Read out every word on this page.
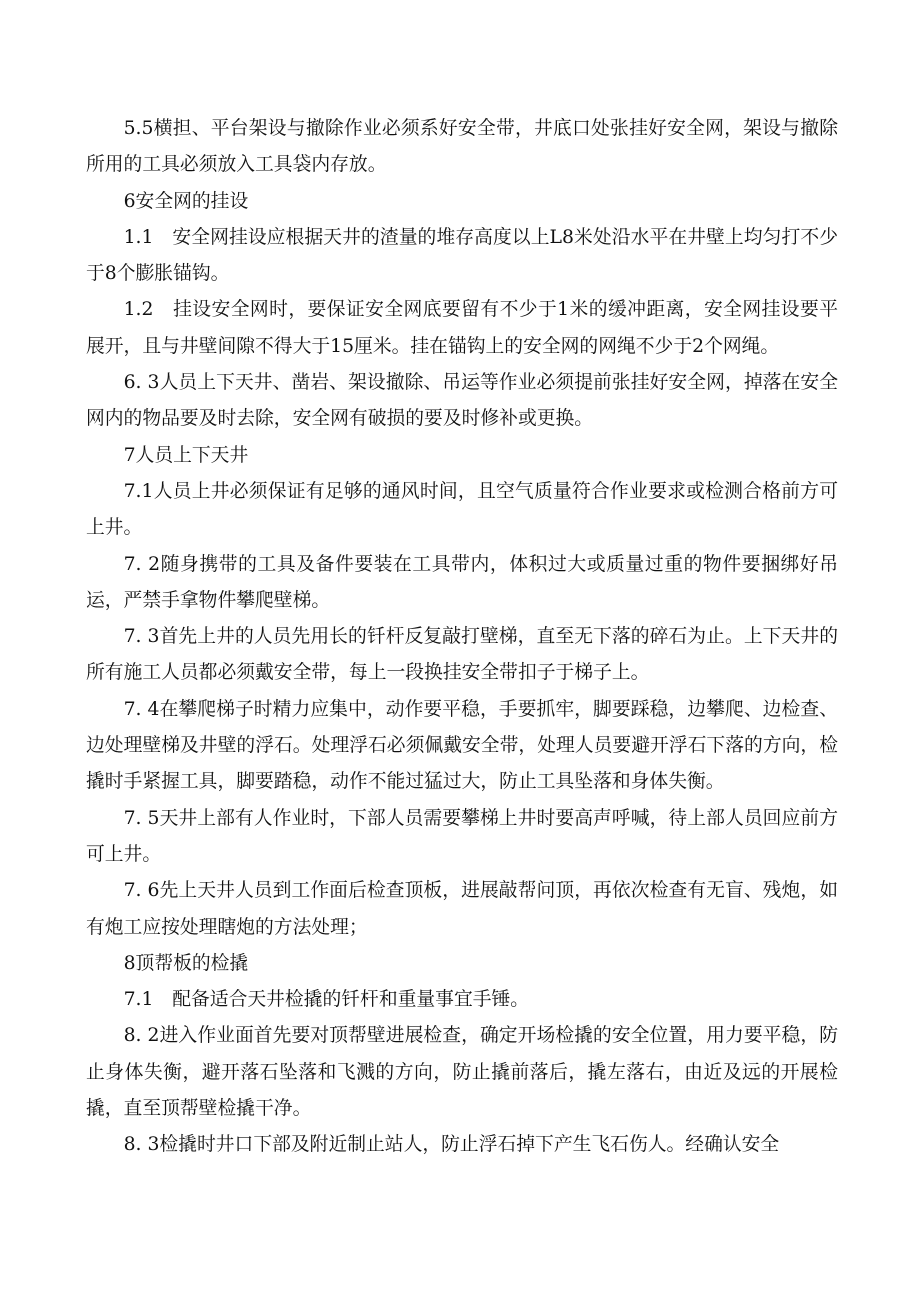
5.5横担、平台架设与撤除作业必须系好安全带，井底口处张挂好安全网，架设与撤除所用的工具必须放入工具袋内存放。

6安全网的挂设

1.1　安全网挂设应根据天井的渣量的堆存高度以上L8米处沿水平在井壁上均匀打不少于8个膨胀锚钩。

1.2　挂设安全网时，要保证安全网底要留有不少于1米的缓冲距离，安全网挂设要平展开，且与井壁间隙不得大于15厘米。挂在锚钩上的安全网的网绳不少于2个网绳。

6. 3人员上下天井、凿岩、架设撤除、吊运等作业必须提前张挂好安全网，掉落在安全网内的物品要及时去除，安全网有破损的要及时修补或更换。

7人员上下天井

7.1人员上井必须保证有足够的通风时间，且空气质量符合作业要求或检测合格前方可上井。

7. 2随身携带的工具及备件要装在工具带内，体积过大或质量过重的物件要捆绑好吊运，严禁手拿物件攀爬壁梯。

7. 3首先上井的人员先用长的钎杆反复敲打壁梯，直至无下落的碎石为止。上下天井的所有施工人员都必须戴安全带，每上一段换挂安全带扣子于梯子上。

7. 4在攀爬梯子时精力应集中，动作要平稳，手要抓牢，脚要踩稳，边攀爬、边检查、边处理壁梯及井壁的浮石。处理浮石必须佩戴安全带，处理人员要避开浮石下落的方向，检撬时手紧握工具，脚要踏稳，动作不能过猛过大，防止工具坠落和身体失衡。

7. 5天井上部有人作业时，下部人员需要攀梯上井时要高声呼喊，待上部人员回应前方可上井。

7. 6先上天井人员到工作面后检查顶板，进展敲帮问顶，再依次检查有无盲、残炮，如有炮工应按处理瞎炮的方法处理；

8顶帮板的检撬

7.1　配备适合天井检撬的钎杆和重量事宜手锤。

8. 2进入作业面首先要对顶帮壁进展检查，确定开场检撬的安全位置，用力要平稳，防止身体失衡，避开落石坠落和飞溅的方向，防止撬前落后，撬左落右，由近及远的开展检撬，直至顶帮壁检撬干净。

8. 3检撬时井口下部及附近制止站人，防止浮石掉下产生飞石伤人。经确认安全
